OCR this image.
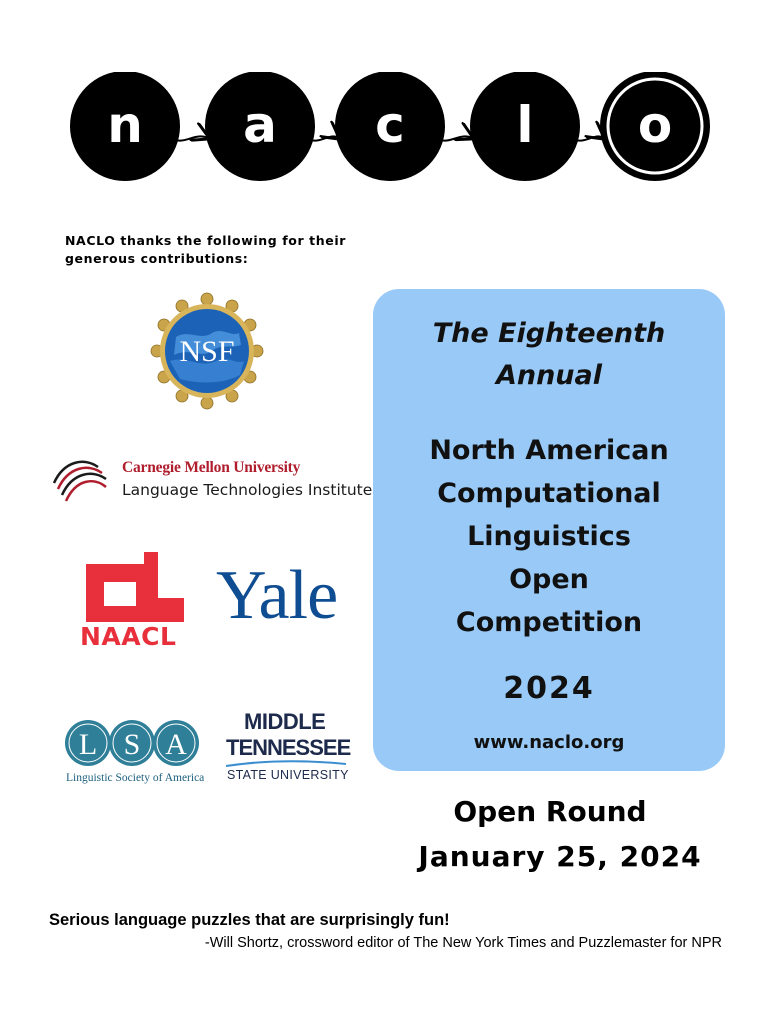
n a c l o
NACLO thanks the following for their generous contributions:
NSF
Carnegie Mellon University
Language Technologies Institute
NAACL
Yale
L S A
Linguistic Society of America
MIDDLE
TENNESSEE
STATE UNIVERSITY
The Eighteenth
Annual
North American
Computational
Linguistics
Open
Competition
2024
www.naclo.org
Open Round
January 25, 2024
Serious language puzzles that are surprisingly fun!
-Will Shortz, crossword editor of The New York Times and Puzzlemaster for NPR
